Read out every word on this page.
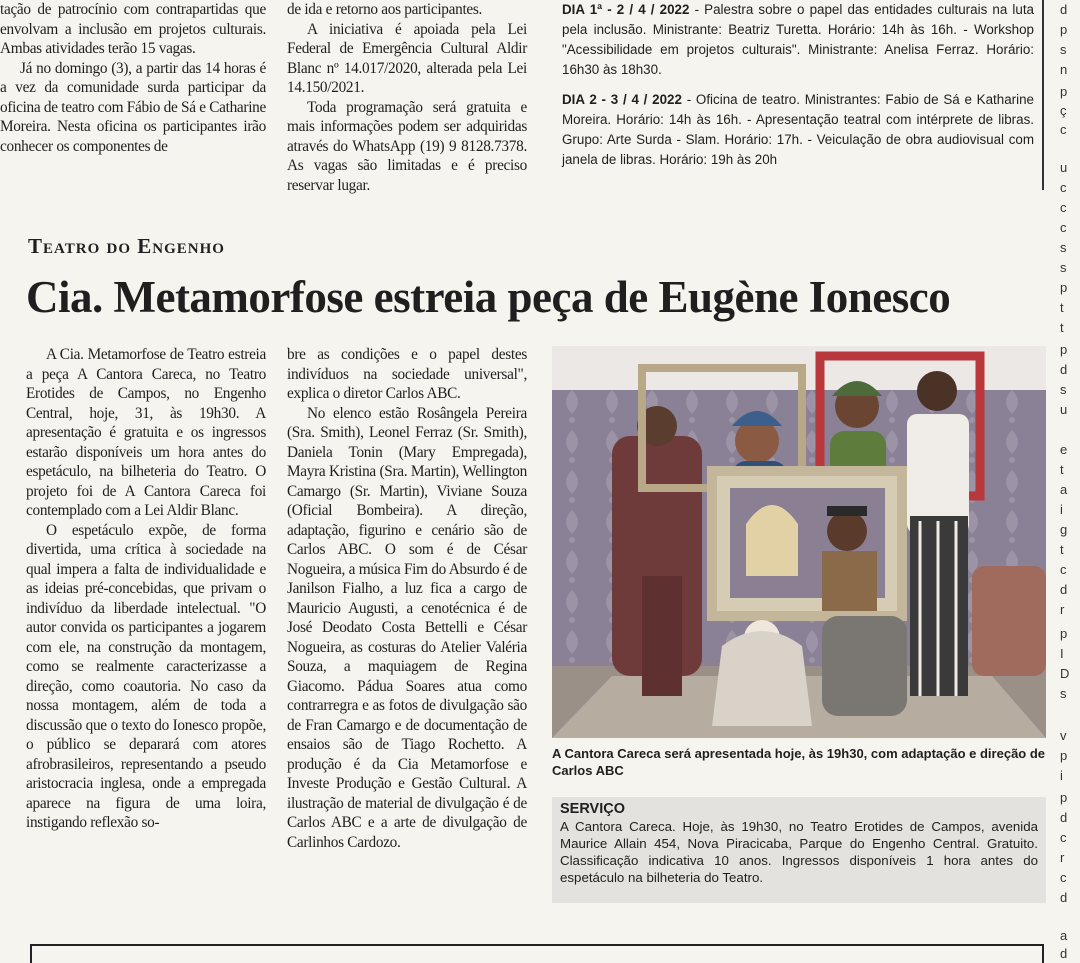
tação de patrocínio com contrapartidas que envolvam a inclusão em projetos culturais. Ambas atividades terão 15 vagas.

Já no domingo (3), a partir das 14 horas é a vez da comunidade surda participar da oficina de teatro com Fábio de Sá e Catharine Moreira. Nesta oficina os participantes irão conhecer os componentes de

de ida e retorno aos participantes.

A iniciativa é apoiada pela Lei Federal de Emergência Cultural Aldir Blanc nº 14.017/2020, alterada pela Lei 14.150/2021.

Toda programação será gratuita e mais informações podem ser adquiridas através do WhatsApp (19) 9 8128.7378. As vagas são limitadas e é preciso reservar lugar.

DIA 1ª - 2 / 4 / 2022 - Palestra sobre o papel das entidades culturais na luta pela inclusão. Ministrante: Beatriz Turetta. Horário: 14h às 16h. - Workshop "Acessibilidade em projetos culturais". Ministrante: Anelisa Ferraz. Horário: 16h30 às 18h30.

DIA 2 - 3 / 4 / 2022 - Oficina de teatro. Ministrantes: Fabio de Sá e Katharine Moreira. Horário: 14h às 16h. - Apresentação teatral com intérprete de libras. Grupo: Arte Surda - Slam. Horário: 17h. - Veiculação de obra audiovisual com janela de libras. Horário: 19h às 20h

Teatro do Engenho
Cia. Metamorfose estreia peça de Eugène Ionesco

A Cia. Metamorfose de Teatro estreia a peça A Cantora Careca, no Teatro Erotides de Campos, no Engenho Central, hoje, 31, às 19h30. A apresentação é gratuita e os ingressos estarão disponíveis um hora antes do espetáculo, na bilheteria do Teatro. O projeto foi de A Cantora Careca foi contemplado com a Lei Aldir Blanc.

O espetáculo expõe, de forma divertida, uma crítica à sociedade na qual impera a falta de individualidade e as ideias pré-concebidas, que privam o indivíduo da liberdade intelectual. "O autor convida os participantes a jogarem com ele, na construção da montagem, como se realmente caracterizasse a direção, como coautoria. No caso da nossa montagem, além de toda a discussão que o texto do Ionesco propõe, o público se deparará com atores afrobrasileiros, representando a pseudo aristocracia inglesa, onde a empregada aparece na figura de uma loira, instigando reflexão so-

bre as condições e o papel destes indivíduos na sociedade universal", explica o diretor Carlos ABC.

No elenco estão Rosângela Pereira (Sra. Smith), Leonel Ferraz (Sr. Smith), Daniela Tonin (Mary Empregada), Mayra Kristina (Sra. Martin), Wellington Camargo (Sr. Martin), Viviane Souza (Oficial Bombeira). A direção, adaptação, figurino e cenário são de Carlos ABC. O som é de César Nogueira, a música Fim do Absurdo é de Janilson Fialho, a luz fica a cargo de Mauricio Augusti, a cenotécnica é de José Deodato Costa Bettelli e César Nogueira, as costuras do Atelier Valéria Souza, a maquiagem de Regina Giacomo. Pádua Soares atua como contrarregra e as fotos de divulgação são de Fran Camargo e de documentação de ensaios são de Tiago Rochetto. A produção é da Cia Metamorfose e Investe Produção e Gestão Cultural. A ilustração de material de divulgação é de Carlos ABC e a arte de divulgação de Carlinhos Cardozo.

A Cantora Careca será apresentada hoje, às 19h30, com adaptação e direção de Carlos ABC
SERVIÇO
A Cantora Careca. Hoje, às 19h30, no Teatro Erotides de Campos, avenida Maurice Allain 454, Nova Piracicaba, Parque do Engenho Central. Gratuito. Classificação indicativa 10 anos. Ingressos disponíveis 1 hora antes do espetáculo na bilheteria do Teatro.
d
p
s
n
p
ç
c
u
c
c
c
s
s
p
t
t
p
d
s
u
e
t
a
i
g
t
c
d
r
p
I
D
s
v
p
i
p
d
c
r
c
d
a
d
